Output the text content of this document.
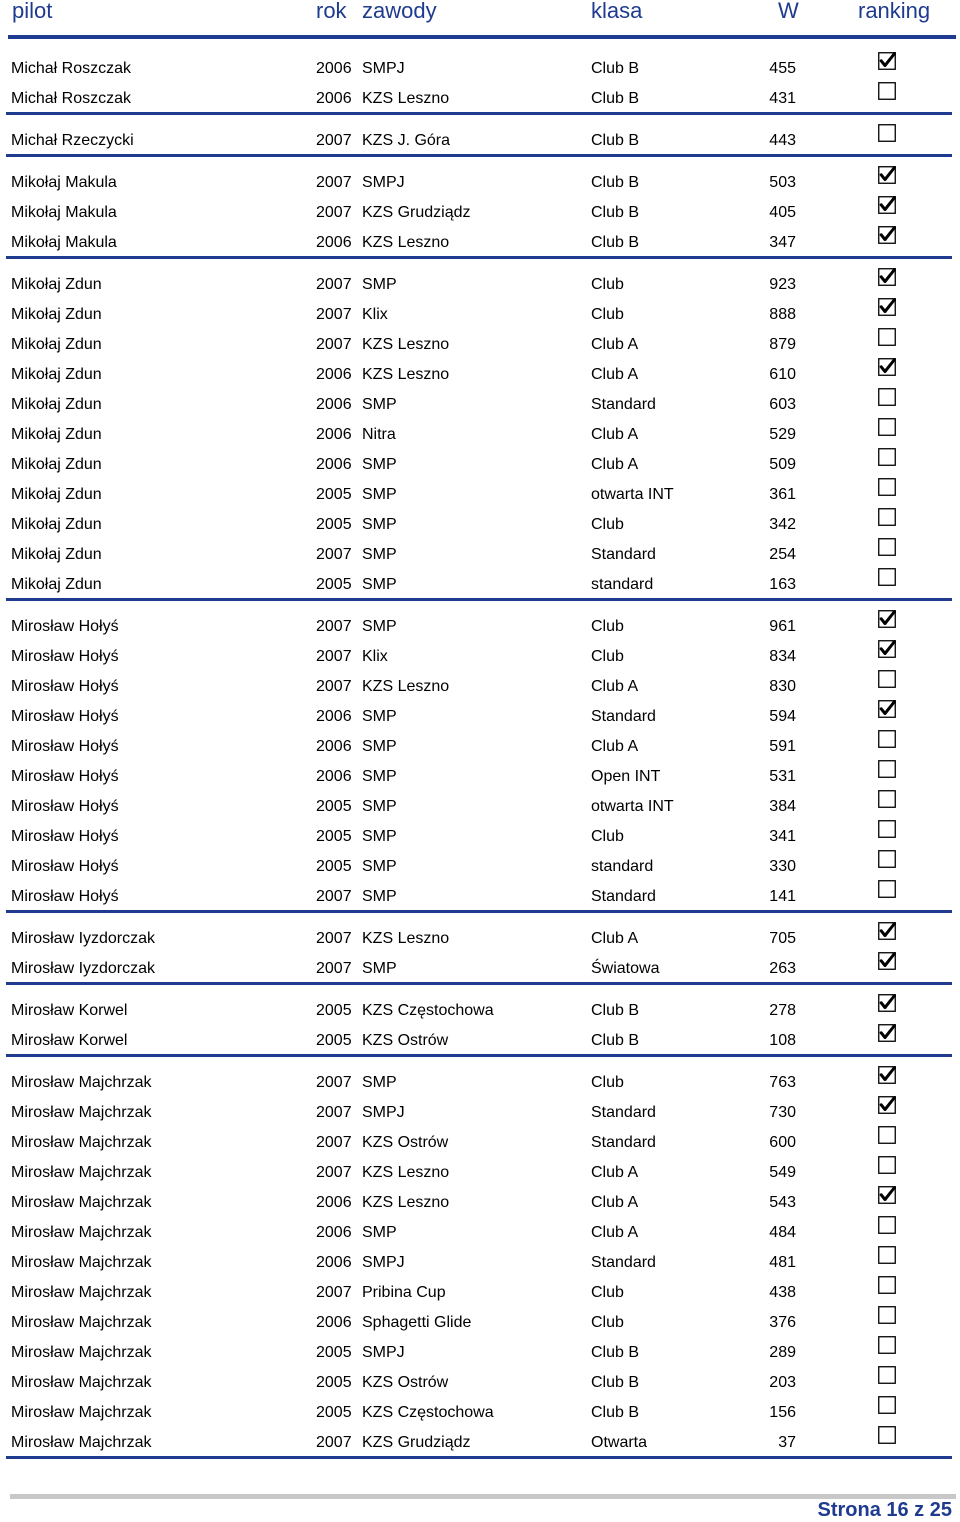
pilot	rok zawody	klasa	W	ranking
Michał Roszczak	2006 SMPJ	Club B	455
Michał Roszczak	2006 KZS Leszno	Club B	431
Michał Rzeczycki	2007 KZS J. Góra	Club B	443
Mikołaj Makula	2007 SMPJ	Club B	503
Mikołaj Makula	2007 KZS Grudziądz	Club B	405
Mikołaj Makula	2006 KZS Leszno	Club B	347
Mikołaj Zdun	2007 SMP	Club	923
Mikołaj Zdun	2007 Klix	Club	888
Mikołaj Zdun	2007 KZS Leszno	Club A	879
Mikołaj Zdun	2006 KZS Leszno	Club A	610
Mikołaj Zdun	2006 SMP	Standard	603
Mikołaj Zdun	2006 Nitra	Club A	529
Mikołaj Zdun	2006 SMP	Club A	509
Mikołaj Zdun	2005 SMP	otwarta INT	361
Mikołaj Zdun	2005 SMP	Club	342
Mikołaj Zdun	2007 SMP	Standard	254
Mikołaj Zdun	2005 SMP	standard	163
Mirosław Hołyś	2007 SMP	Club	961
Mirosław Hołyś	2007 Klix	Club	834
Mirosław Hołyś	2007 KZS Leszno	Club A	830
Mirosław Hołyś	2006 SMP	Standard	594
Mirosław Hołyś	2006 SMP	Club A	591
Mirosław Hołyś	2006 SMP	Open INT	531
Mirosław Hołyś	2005 SMP	otwarta INT	384
Mirosław Hołyś	2005 SMP	Club	341
Mirosław Hołyś	2005 SMP	standard	330
Mirosław Hołyś	2007 SMP	Standard	141
Mirosław Iyzdorczak	2007 KZS Leszno	Club A	705
Mirosław Iyzdorczak	2007 SMP	Światowa	263
Mirosław Korwel	2005 KZS Częstochowa	Club B	278
Mirosław Korwel	2005 KZS Ostrów	Club B	108
Mirosław Majchrzak	2007 SMP	Club	763
Mirosław Majchrzak	2007 SMPJ	Standard	730
Mirosław Majchrzak	2007 KZS Ostrów	Standard	600
Mirosław Majchrzak	2007 KZS Leszno	Club A	549
Mirosław Majchrzak	2006 KZS Leszno	Club A	543
Mirosław Majchrzak	2006 SMP	Club A	484
Mirosław Majchrzak	2006 SMPJ	Standard	481
Mirosław Majchrzak	2007 Pribina Cup	Club	438
Mirosław Majchrzak	2006 Sphagetti Glide	Club	376
Mirosław Majchrzak	2005 SMPJ	Club B	289
Mirosław Majchrzak	2005 KZS Ostrów	Club B	203
Mirosław Majchrzak	2005 KZS Częstochowa	Club B	156
Mirosław Majchrzak	2007 KZS Grudziądz	Otwarta	37
Strona 16 z 25
